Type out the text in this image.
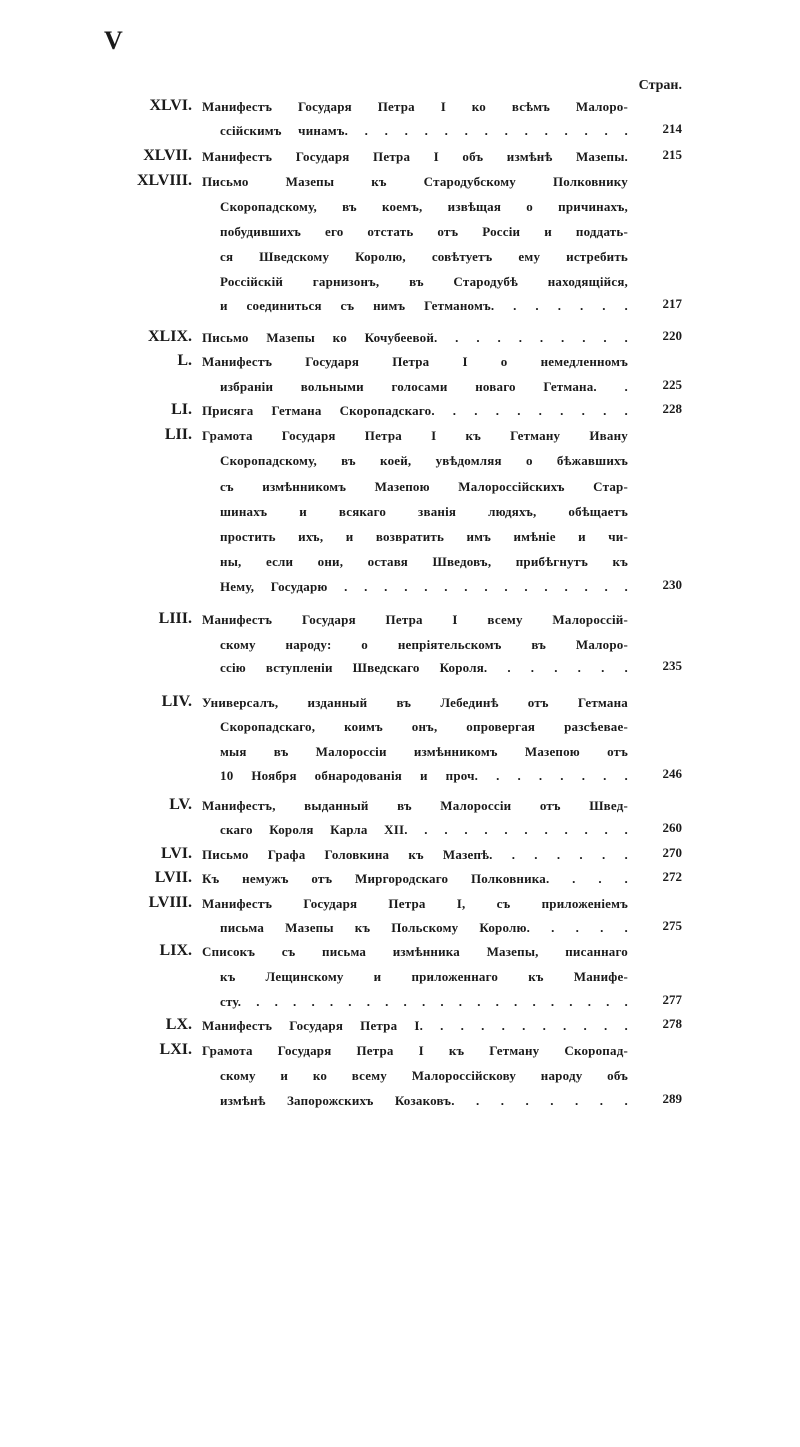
V
Стран.
XLVI. Манифестъ Государя Петра I ко всѣмъ Малоро-
ссійскимъ чинамъ. . . . . . . . . . . . . . .	214
XLVII. Манифестъ Государя Петра I объ измѣнѣ Мазепы.	215
XLVIII. Письмо Мазепы къ Стародубскому Полковнику
Скоропадскому, въ коемъ, извѣщая о причинахъ,
побудившихъ его отстать отъ Россіи и поддать-
ся Шведскому Королю, совѣтуетъ ему истребить
Россійскій гарнизонъ, въ Стародубѣ находящійся,
и соединиться съ нимъ Гетманомъ. . . . . . .	217
XLIX. Письмо Мазепы ко Кочубеевой. . . . . . . . . .	220
L. Манифестъ Государя Петра I о немедленномъ
избраніи вольными голосами новаго Гетмана. .	225
LI. Присяга Гетмана Скоропадскаго. . . . . . . . . .	228
LII. Грамота Государя Петра I къ Гетману Ивану
Скоропадскому, въ коей, увѣдомляя о бѣжавшихъ
съ измѣнникомъ Мазепою Малороссійскихъ Стар-
шинахъ и всякаго званія людяхъ, обѣщаетъ
простить ихъ, и возвратить имъ имѣніе и чи-
ны, если они, оставя Шведовъ, прибѣгнутъ къ
Нему, Государю . . . . . . . . . . . . . . .	230
LIII. Манифестъ Государя Петра I всему Малороссій-
скому народу: о непріятельскомъ въ Малоро-
ссію вступленіи Шведскаго Короля. . . . . . .	235
LIV. Универсалъ, изданный въ Лебединѣ отъ Гетмана
Скоропадскаго, коимъ онъ, опровергая разсѣевае-
мыя въ Малороссіи измѣнникомъ Мазепою отъ
10 Ноября обнародованія и проч. . . . . . . .	246
LV. Манифестъ, выданный въ Малороссіи отъ Швед-
скаго Короля Карла XII. . . . . . . . . . . .	260
LVI. Письмо Графа Головкина къ Мазепѣ. . . . . . .	270
LVII. Къ немужъ отъ Миргородскаго Полковника. . . .	272
LVIII. Манифестъ Государя Петра I, съ приложеніемъ
письма Мазепы къ Польскому Королю. . . . .	275
LIX. Списокъ съ письма измѣнника Мазепы, писаннаго
къ Лещинскому и приложеннаго къ Манифе-
сту. . . . . . . . . . . . . . . . . . . . . .	277
LX. Манифестъ Государя Петра I. . . . . . . . . . .	278
LXI. Грамота Государя Петра I къ Гетману Скоропад-
скому и ко всему Малороссійскову народу объ
измѣнѣ Запорожскихъ Козаковъ. . . . . . . .	289
